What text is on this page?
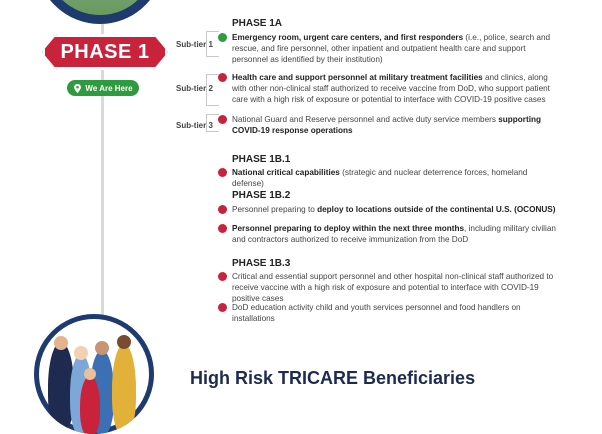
PHASE 1
We Are Here
Sub-tier 1
Sub-tier 2
Sub-tier 3
PHASE 1A
Emergency room, urgent care centers, and first responders (i.e., police, search and rescue, and fire personnel, other inpatient and outpatient health care and support personnel as identified by their institution)
Health care and support personnel at military treatment facilities and clinics, along with other non-clinical staff authorized to receive vaccine from DoD, who support patient care with a high risk of exposure or potential to interface with COVID-19 positive cases
National Guard and Reserve personnel and active duty service members supporting COVID-19 response operations
PHASE 1B.1
National critical capabilities (strategic and nuclear deterrence forces, homeland defense)
PHASE 1B.2
Personnel preparing to deploy to locations outside of the continental U.S. (OCONUS)
Personnel preparing to deploy within the next three months, including military civilian and contractors authorized to receive immunization from the DoD
PHASE 1B.3
Critical and essential support personnel and other hospital non-clinical staff authorized to receive vaccine with a high risk of exposure and potential to interface with COVID-19 positive cases
DoD education activity child and youth services personnel and food handlers on installations
High Risk TRICARE Beneficiaries
